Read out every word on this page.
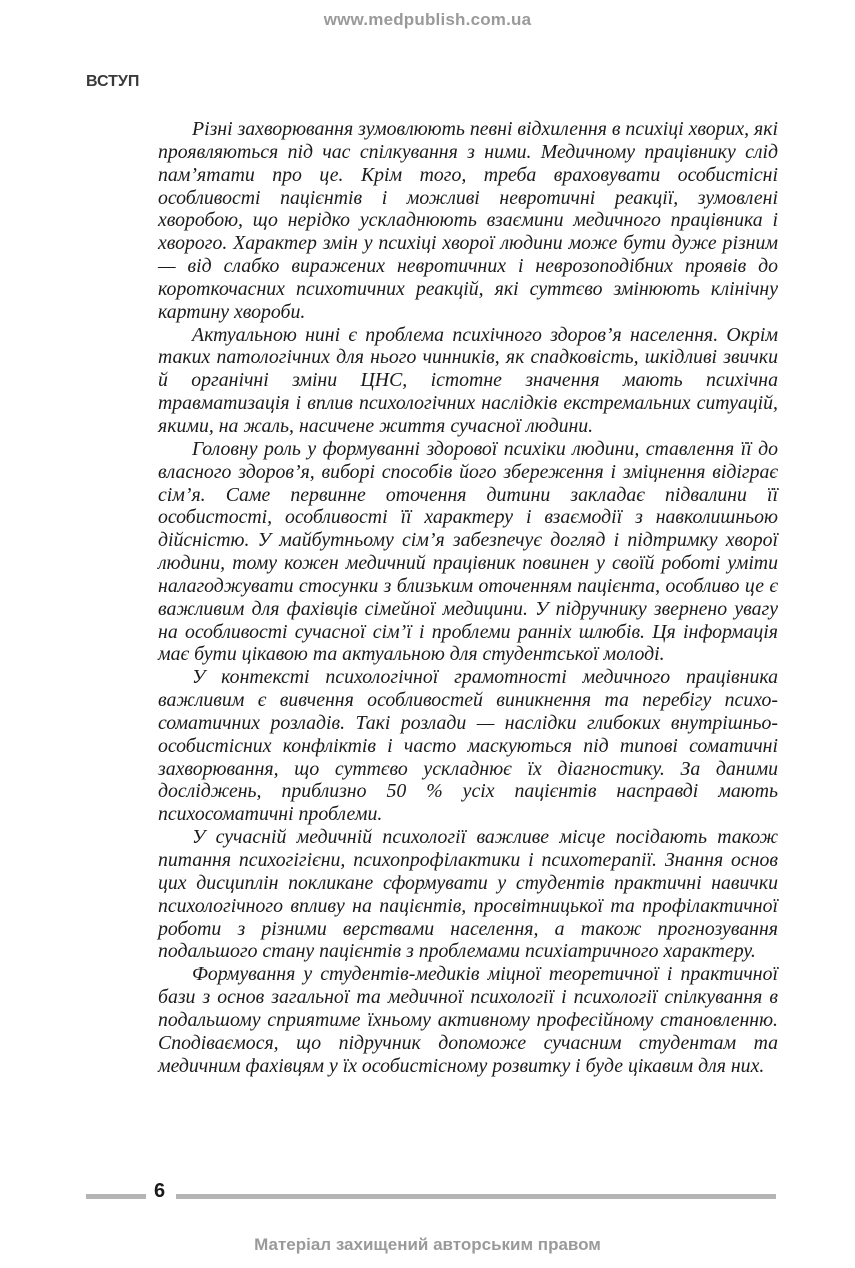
www.medpublish.com.ua
ВСТУП

Різні захворювання зумовлюють певні відхилення в психіці хворих, які проявляються під час спілкування з ними. Медичному працівнику слід пам’ятати про це. Крім того, треба враховувати особистісні особливості пацієнтів і можливі невротичні реакції, зумовлені хворобою, що нерідко ускладнюють взаємини медичного працівника і хворого. Характер змін у психіці хворої людини може бути дуже різним — від слабко виражених невротичних і неврозоподібних проявів до короткочасних психотичних реакцій, які суттєво змінюють клінічну картину хвороби.

Актуальною нині є проблема психічного здоров’я населення. Окрім таких патологічних для нього чинників, як спадковість, шкідливі звички й органічні зміни ЦНС, істотне значення мають психічна травматизація і вплив психологічних наслідків екстремальних ситуацій, якими, на жаль, насичене життя сучасної людини.

Головну роль у формуванні здорової психіки людини, ставлення її до власного здоров’я, виборі способів його збереження і зміцнення відіграє сім’я. Саме первинне оточення дитини закладає підвалини її особистості, особливості її характеру і взаємодії з навколишньою дійсністю. У майбутньому сім’я забезпечує догляд і підтримку хворої людини, тому кожен медичний працівник повинен у своїй роботі уміти налагоджувати стосунки з близьким оточенням пацієнта, особливо це є важливим для фахівців сімейної медицини. У підручнику звернено увагу на особливості сучасної сім’ї і проблеми ранніх шлюбів. Ця інформація має бути цікавою та актуальною для студентської молоді.

У контексті психологічної грамотності медичного працівника важливим є вивчення особливостей виникнення та перебігу психосоматичних розладів. Такі розлади — наслідки глибоких внутрішньо-особистісних конфліктів і часто маскуються під типові соматичні захворювання, що суттєво ускладнює їх діагностику. За даними досліджень, приблизно 50 % усіх пацієнтів насправді мають психосоматичні проблеми.

У сучасній медичній психології важливе місце посідають також питання психогігієни, психопрофілактики і психотерапії. Знання основ цих дисциплін покликане сформувати у студентів практичні навички психологічного впливу на пацієнтів, просвітницької та профілактичної роботи з різними верствами населення, а також прогнозування подальшого стану пацієнтів з проблемами психіатричного характеру.

Формування у студентів-медиків міцної теоретичної і практичної бази з основ загальної та медичної психології і психології спілкування в подальшому сприятиме їхньому активному професійному становленню. Сподіваємося, що підручник допоможе сучасним студентам та медичним фахівцям у їх особистісному розвитку і буде цікавим для них.

6
Матеріал захищений авторським правом
